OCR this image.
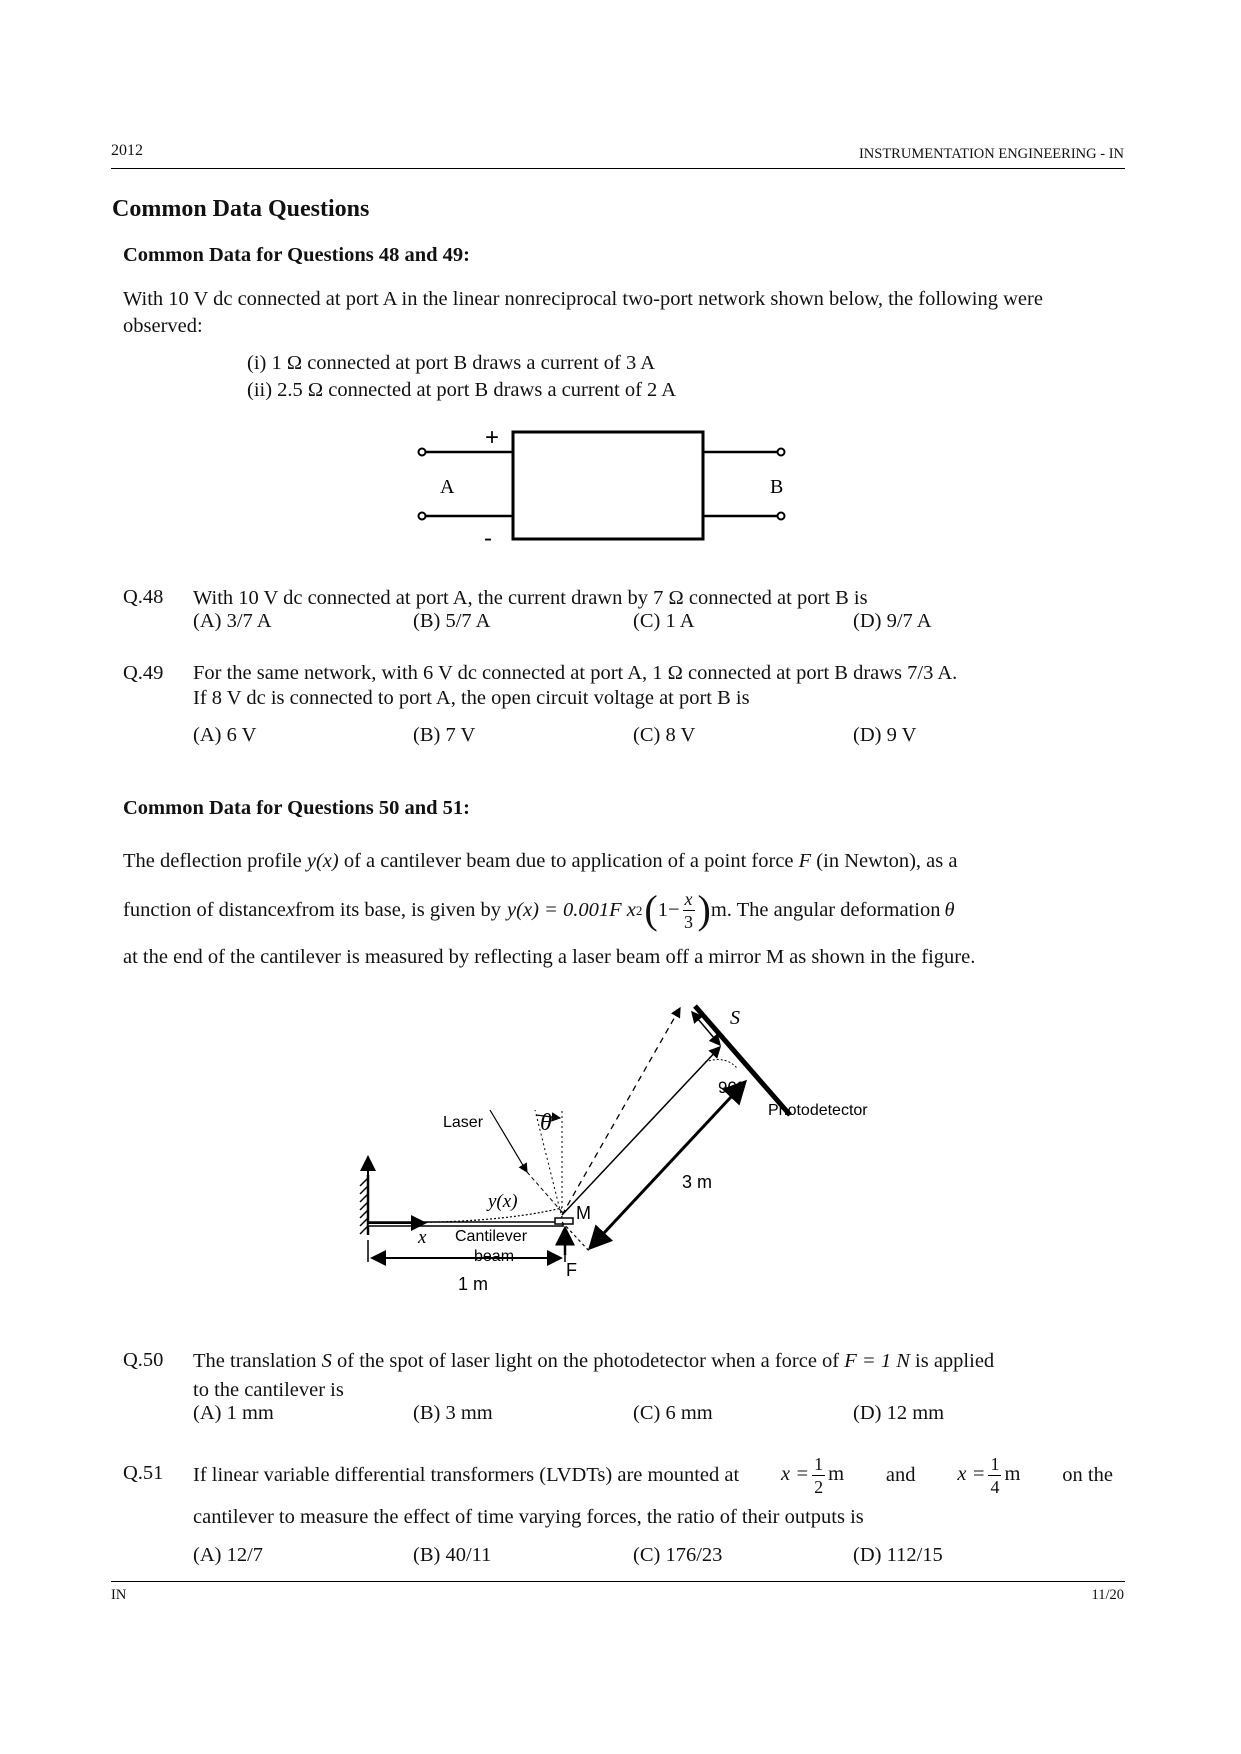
2012	INSTRUMENTATION ENGINEERING - IN
Common Data Questions
Common Data for Questions 48 and 49:
With 10 V dc connected at port A in the linear nonreciprocal two-port network shown below, the following were observed:
(i) 1 Ω connected at port B draws a current of 3 A
(ii) 2.5 Ω connected at port B draws a current of 2 A
+
-
A	B
Q.48 With 10 V dc connected at port A, the current drawn by 7 Ω connected at port B is
(A) 3/7 A	(B) 5/7 A	(C) 1 A	(D) 9/7 A
Q.49 For the same network, with 6 V dc connected at port A, 1 Ω connected at port B draws 7/3 A.
If 8 V dc is connected to port A, the open circuit voltage at port B is
(A) 6 V	(B) 7 V	(C) 8 V	(D) 9 V
Common Data for Questions 50 and 51:
The deflection profile y(x) of a cantilever beam due to application of a point force F (in Newton), as a
function of distance x from its base, is given by y(x) = 0.001F x 2 ( $1- \frac{x}{3}$ ) m . The angular deformation θ
at the end of the cantilever is measured by reflecting a laser beam off a mirror M as shown in the figure.
S
90°
Photodetector
Laser θ
3 m
y(x)
M
x Cantilever
beam
F
1 m
Q.50 The translation S of the spot of laser light on the photodetector when a force of F = 1 N is applied
to the cantilever is
(A) 1 mm	(B) 3 mm	(C) 6 mm	(D) 12 mm
Q.51 If linear variable differential transformers (LVDTs) are mounted at $x = \frac{1}{2}$ m and $x = \frac{1}{4}$ m on the
cantilever to measure the effect of time varying forces, the ratio of their outputs is
(A) 12/7	(B) 40/11	(C) 176/23	(D) 112/15
IN	11/20
